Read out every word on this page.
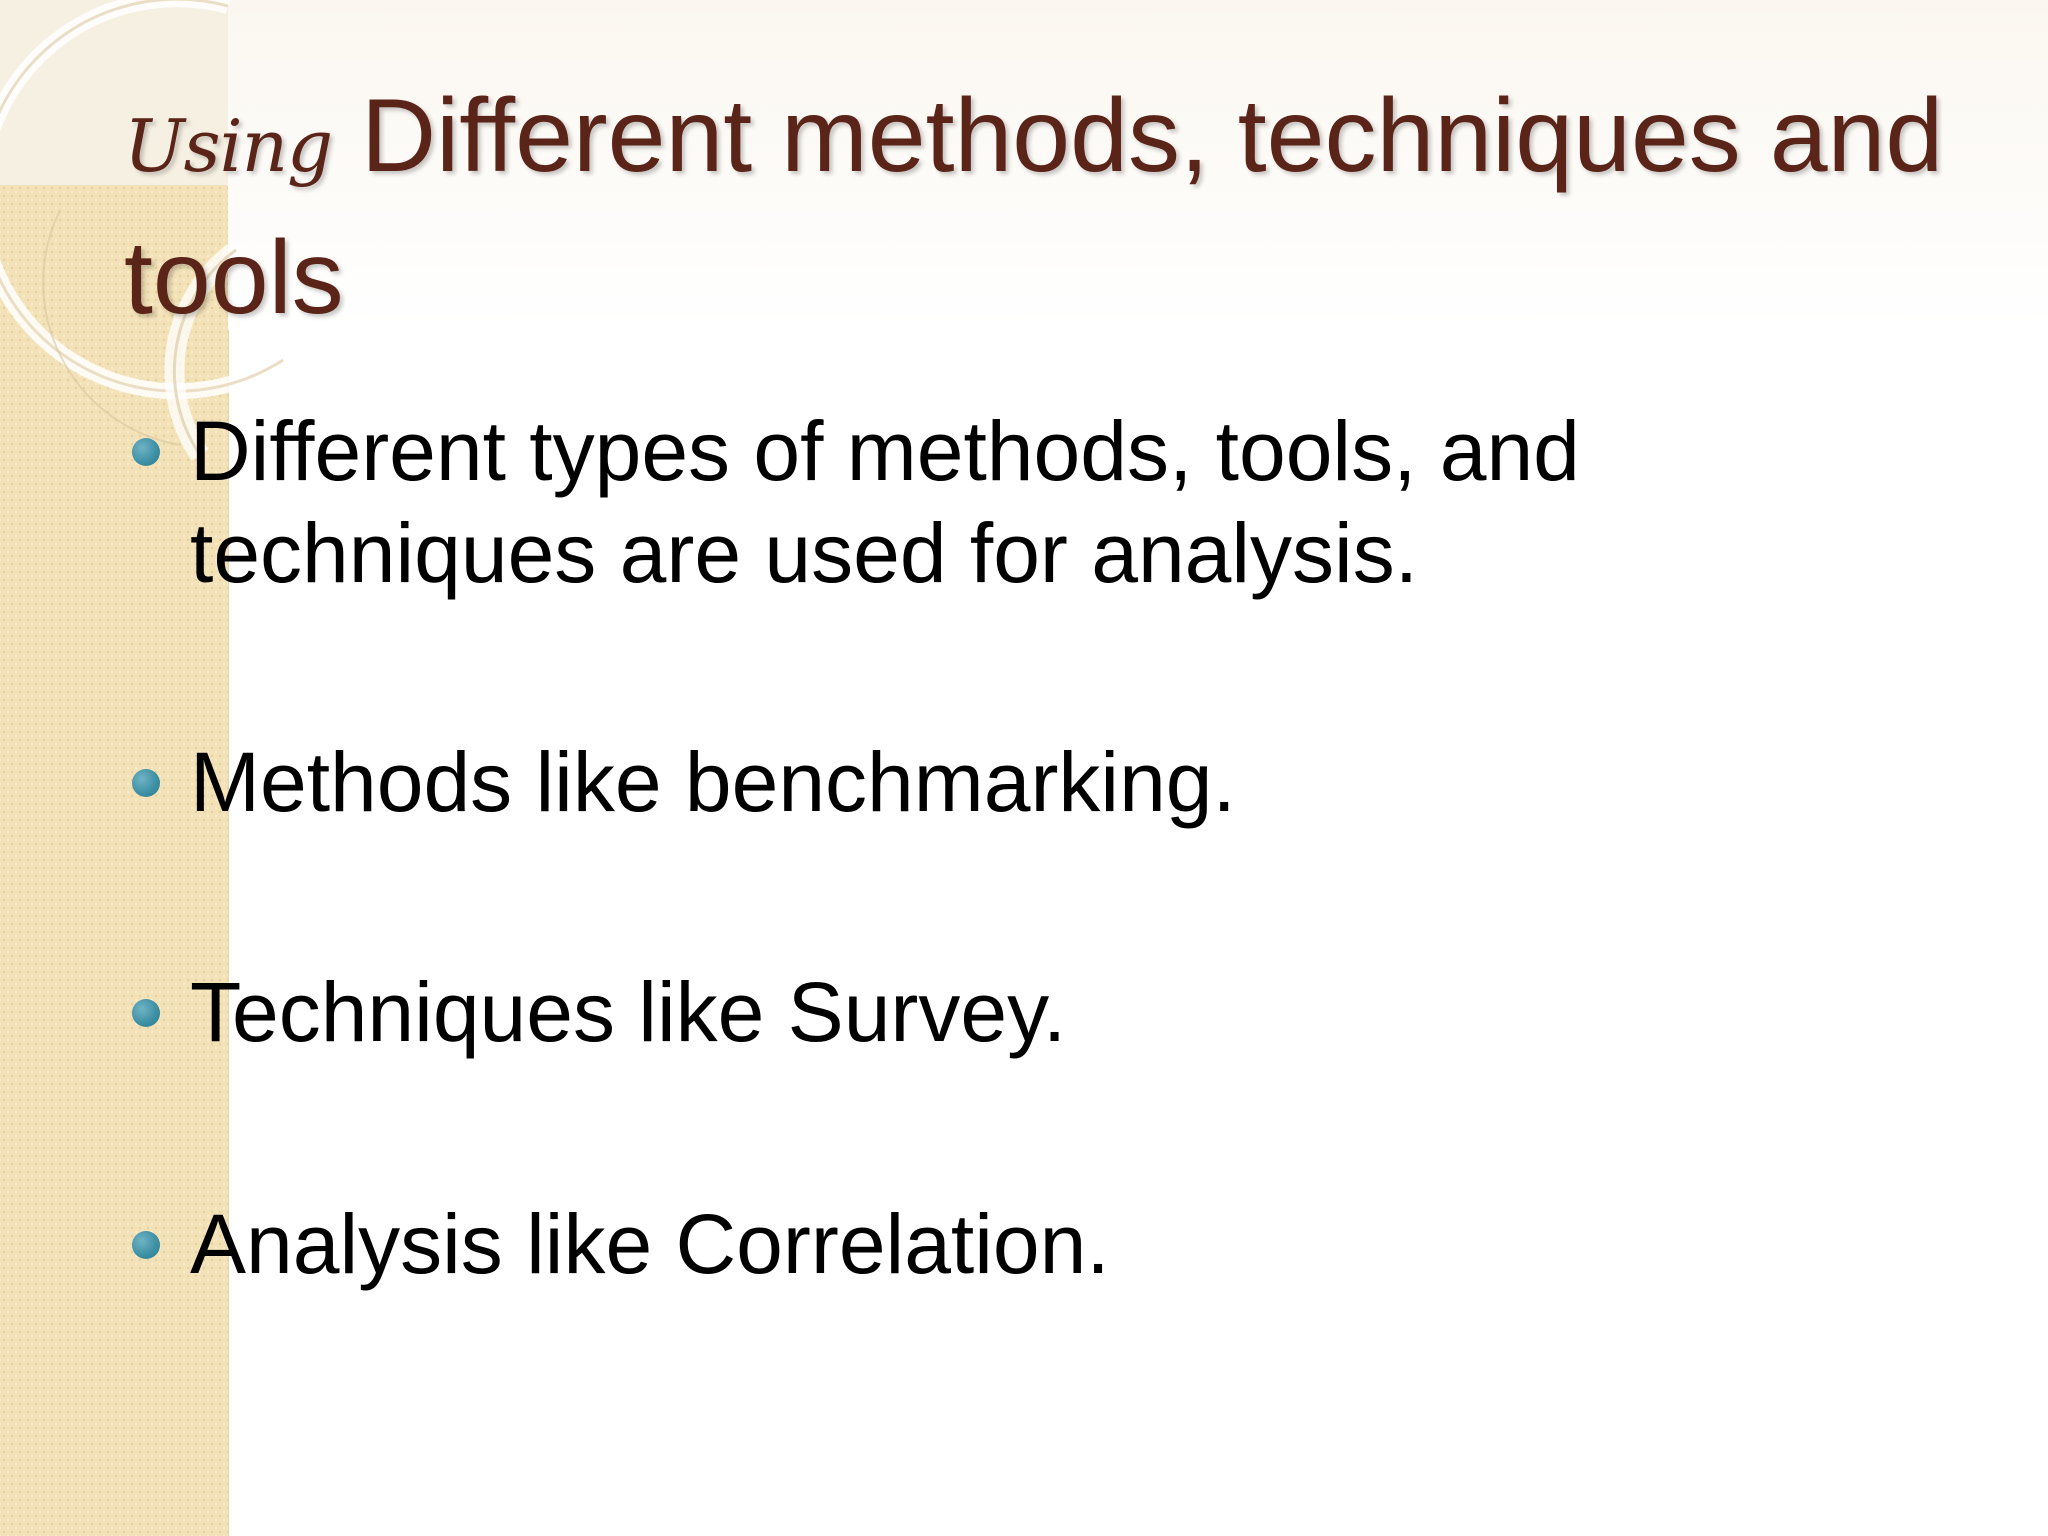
Using Different methods, techniques and tools
Different types of methods, tools, and techniques are used for analysis.
Methods like benchmarking.
Techniques like Survey.
Analysis like Correlation.
